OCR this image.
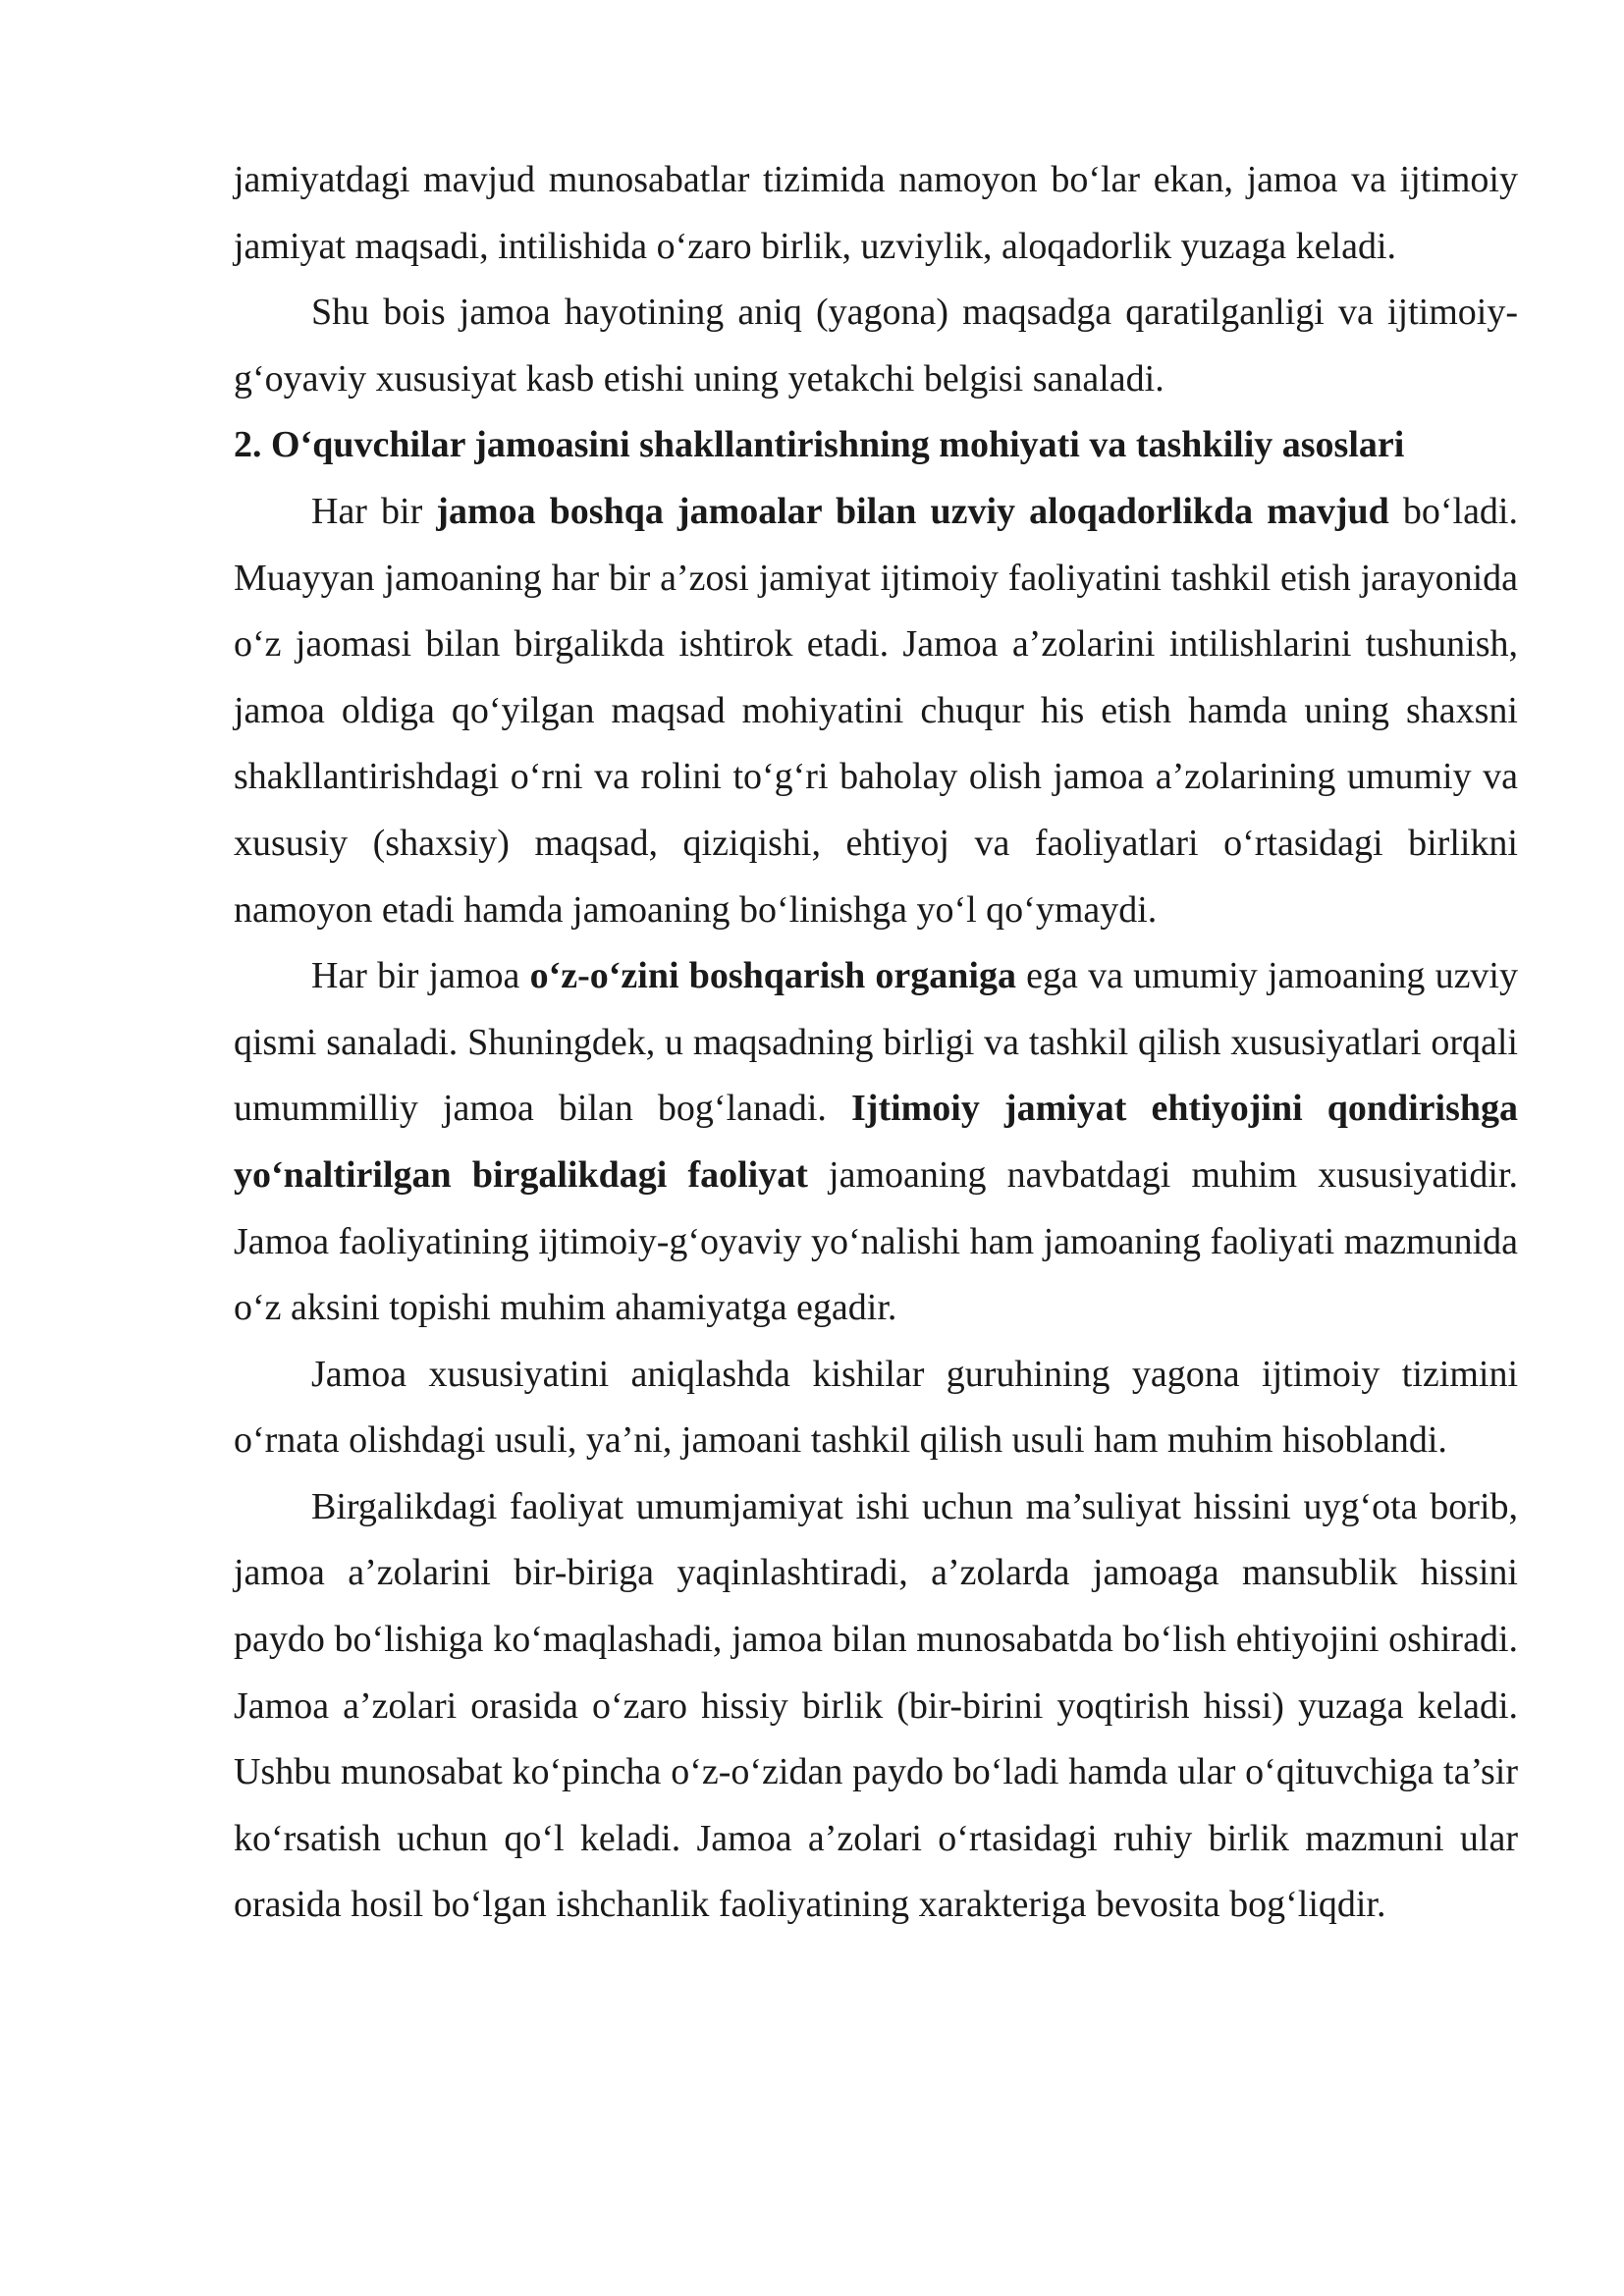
jamiyatdagi mavjud munosabatlar tizimida namoyon bo‘lar ekan, jamoa va ijtimoiy jamiyat maqsadi, intilishida o‘zaro birlik, uzviylik, aloqadorlik yuzaga keladi.

Shu bois jamoa hayotining aniq (yagona) maqsadga qaratilganligi va ijtimoiy-g‘oyaviy xususiyat kasb etishi uning yetakchi belgisi sanaladi.

2. O‘quvchilar jamoasini shakllantirishning mohiyati va tashkiliy asoslari

Har bir jamoa boshqa jamoalar bilan uzviy aloqadorlikda mavjud bo‘ladi. Muayyan jamoaning har bir a’zosi jamiyat ijtimoiy faoliyatini tashkil etish jarayonida o‘z jaomasi bilan birgalikda ishtirok etadi. Jamoa a’zolarini intilishlarini tushunish, jamoa oldiga qo‘yilgan maqsad mohiyatini chuqur his etish hamda uning shaxsni shakllantirishdagi o‘rni va rolini to‘g‘ri baholay olish jamoa a’zolarining umumiy va xususiy (shaxsiy) maqsad, qiziqishi, ehtiyoj va faoliyatlari o‘rtasidagi birlikni namoyon etadi hamda jamoaning bo‘linishga yo‘l qo‘ymaydi.

Har bir jamoa o‘z-o‘zini boshqarish organiga ega va umumiy jamoaning uzviy qismi sanaladi. Shuningdek, u maqsadning birligi va tashkil qilish xususiyatlari orqali umummilliy jamoa bilan bog‘lanadi. Ijtimoiy jamiyat ehtiyojini qondirishga yo‘naltirilgan birgalikdagi faoliyat jamoaning navbatdagi muhim xususiyatidir. Jamoa faoliyatining ijtimoiy-g‘oyaviy yo‘nalishi ham jamoaning faoliyati mazmunida o‘z aksini topishi muhim ahamiyatga egadir.

Jamoa xususiyatini aniqlashda kishilar guruhining yagona ijtimoiy tizimini o‘rnata olishdagi usuli, ya’ni, jamoani tashkil qilish usuli ham muhim hisoblandi.

Birgalikdagi faoliyat umumjamiyat ishi uchun ma’suliyat hissini uyg‘ota borib, jamoa a’zolarini bir-biriga yaqinlashtiradi, a’zolarda jamoaga mansublik hissini paydo bo‘lishiga ko‘maqlashadi, jamoa bilan munosabatda bo‘lish ehtiyojini oshiradi. Jamoa a’zolari orasida o‘zaro hissiy birlik (bir-birini yoqtirish hissi) yuzaga keladi. Ushbu munosabat ko‘pincha o‘z-o‘zidan paydo bo‘ladi hamda ular o‘qituvchiga ta’sir ko‘rsatish uchun qo‘l keladi. Jamoa a’zolari o‘rtasidagi ruhiy birlik mazmuni ular orasida hosil bo‘lgan ishchanlik faoliyatining xarakteriga bevosita bog‘liqdir.
